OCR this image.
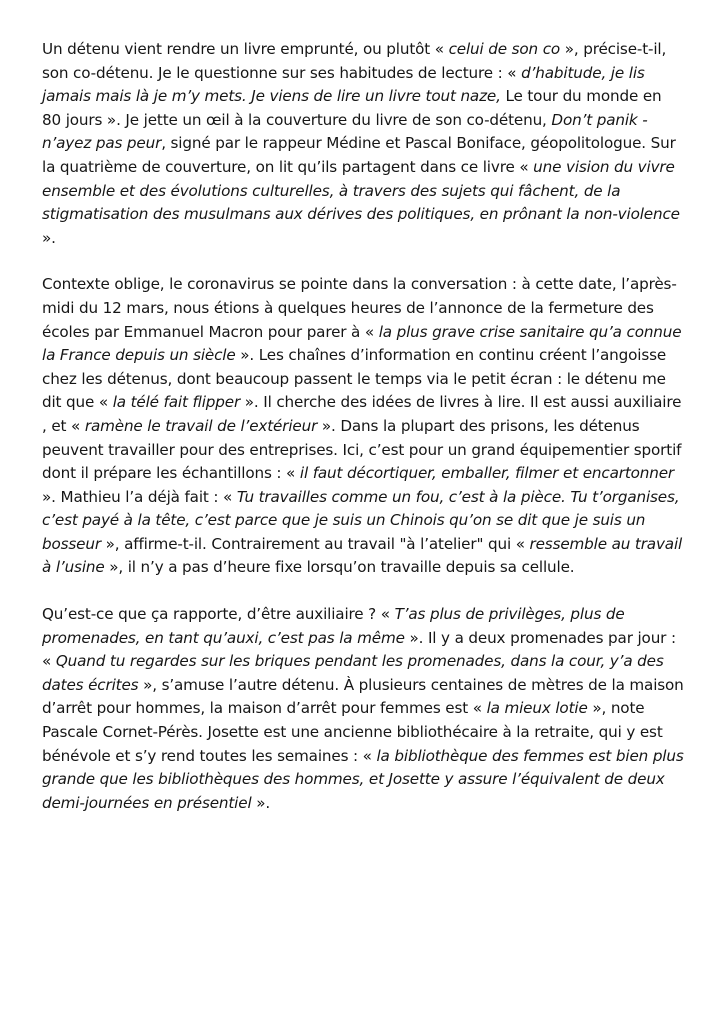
Un détenu vient rendre un livre emprunté, ou plutôt « celui de son co », précise-t-il, son co-détenu. Je le questionne sur ses habitudes de lecture : « d’habitude, je lis jamais mais là je m’y mets. Je viens de lire un livre tout naze, Le tour du monde en 80 jours ». Je jette un œil à la couverture du livre de son co-détenu, Don’t panik - n’ayez pas peur, signé par le rappeur Médine et Pascal Boniface, géopolitologue. Sur la quatrième de couverture, on lit qu’ils partagent dans ce livre « une vision du vivre ensemble et des évolutions culturelles, à travers des sujets qui fâchent, de la stigmatisation des musulmans aux dérives des politiques, en prônant la non-violence ».

Contexte oblige, le coronavirus se pointe dans la conversation : à cette date, l’après-midi du 12 mars, nous étions à quelques heures de l’annonce de la fermeture des écoles par Emmanuel Macron pour parer à « la plus grave crise sanitaire qu’a connue la France depuis un siècle ». Les chaînes d’information en continu créent l’angoisse chez les détenus, dont beaucoup passent le temps via le petit écran : le détenu me dit que « la télé fait flipper ». Il cherche des idées de livres à lire. Il est aussi auxiliaire , et « ramène le travail de l’extérieur ». Dans la plupart des prisons, les détenus peuvent travailler pour des entreprises. Ici, c’est pour un grand équipementier sportif dont il prépare les échantillons : « il faut décortiquer, emballer, filmer et encartonner ». Mathieu l’a déjà fait : « Tu travailles comme un fou, c’est à la pièce. Tu t’organises, c’est payé à la tête, c’est parce que je suis un Chinois qu’on se dit que je suis un bosseur », affirme-t-il. Contrairement au travail "à l’atelier" qui « ressemble au travail à l’usine », il n’y a pas d’heure fixe lorsqu’on travaille depuis sa cellule.

Qu’est-ce que ça rapporte, d’être auxiliaire ? « T’as plus de privilèges, plus de promenades, en tant qu’auxi, c’est pas la même ». Il y a deux promenades par jour : « Quand tu regardes sur les briques pendant les promenades, dans la cour, y’a des dates écrites », s’amuse l’autre détenu. À plusieurs centaines de mètres de la maison d’arrêt pour hommes, la maison d’arrêt pour femmes est « la mieux lotie », note Pascale Cornet-Pérès. Josette est une ancienne bibliothécaire à la retraite, qui y est bénévole et s’y rend toutes les semaines : « la bibliothèque des femmes est bien plus grande que les bibliothèques des hommes, et Josette y assure l’équivalent de deux demi-journées en présentiel ».
